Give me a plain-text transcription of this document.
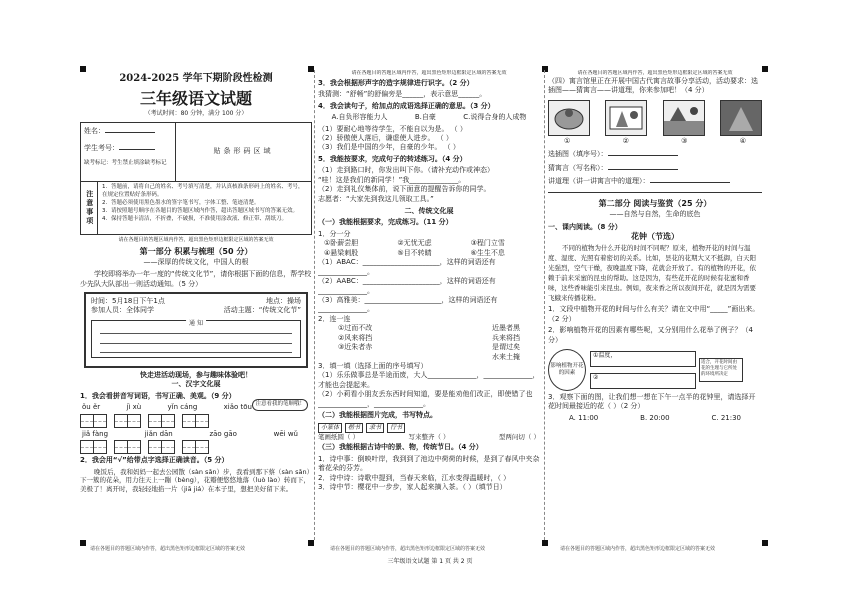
2024-2025 学年下期阶段性检测
三年级语文试题
（考试时间：80 分钟，满分 100 分）
姓名：
学生考号：
缺考标记：考生禁止填涂缺考标记
贴条形码区域
注意事项
1．答题前，请将自己的姓名、考号填写清楚，并认真核准条形码上的姓名、考号，在规定位置贴好条形码。
2．答题必须使用黑色墨水的签字笔书写，字体工整、笔迹清楚。
3．请按照题号顺序在各题目的答题区域内作答，超出答题区域书写的答案无效。
4．保持答题卡清洁，不折叠，不破损，不准使用涂改液、修正带、刮纸刀。
请在各题目的答题区域内作答，超出黑色矩形边框限定区域的答案无效
第一部分 积累与梳理（50 分）
——深厚的传统文化，中国人的根

学校即将举办一年一度的“传统文化节”，请你根据下面的信息，帮学校少先队大队部出一则活动通知。（5 分）

时间：5月18日下午1点	地点：操场
参加人员：全体同学	活动主题：“传统文化节”
通 知
快走进活动现场，参与趣味体验吧！
一、汉字文化展
1．我会看拼音写词语，书写正确、美观。（9 分）
注意看我的笔顺哦！
ǒu ěr	jì xù	yǐn cáng	xiǎo tōu
jiǎ fàng	jiǎn dān	zāo gāo	wēi wǔ
2．我会用“√”给带点字选择正确读音。（5 分）

晚饭后，我和妈妈一起去公园散（sàn sǎn）步，我看到那下蔡（sàn sǎn）下一簇的花朵，用力往天上一蹦（bèng），花瓣便悠悠地落（luò lào）转而下，美极了！离开时，我轻轻地掐一片（jiā jiá）在本子里，想把美好留下来。

请在各题目的答题区域内作答，超出黑色矩形边框限定区域的答案无效
3．我会根据形声字的造字规律进行识字。（2 分）

我猜测：“舒畅”的舒偏旁是______，表示意思______。

4．我会读句子，给加点的成语选择正确的意思。（3 分）
A.自负形容能力人	B.自豪	C.说得合身的人成物

（1）要耐心地等待学生，不能自以为是。 （ ）

（2）骄傲使人落后，谦虚使人进步。 （ ）

（3）我们是中国的少年，自豪的少年。 （ ）

5．我能按要求，完成句子的转述练习。（4 分）

（1）走到路口时，你发出叫下你。（请补充动作或神态）

“哇！这是我们的新同学！”我______________。

（2）走到礼仪集体前，说下面意的提醒告诉你的同学。

志愿者：“大家先到我这儿领取工具。”

二、传统文化展
（一）我能根据要求，完成练习。（11 分）
1．分一分
①卧薪尝胆	②无忧无虑	③程门立雪
④悬梁刺股	⑤目不转睛	⑥生生不息

（1）ABAC：______________________，这样的词语还有______________。

（2）AABC：______________________，这样的词语还有______________。

（3）高雅美：______________________，这样的词语还有______________。

2．连一连
①过而不改
②风来将挡
③近朱者赤
近墨者黑
兵来将挡
是谓过矣
水来土掩
3．填一填（选择上面的序号填写）

（1）乐乐做事总是半途而废，大人______________，______________，才能也会提起来。

（2）小莉看小朋友丢东西时间知道，要是能劝他们改正，即使错了也______________，______________。

（二）我能根据图片完成，书写特点。
小篆体	楷书	隶书	行书
笔画纸圆（ ）	写来整齐（ ）	型两问切（ ）
（三）我能根据古诗中的景、物，传统节日。（4 分）

1．诗中事：倒映叶岸，我到到了池边中荷荷的时候，是到了春风中夹杂着花朵的芬芳。

2．诗中诗：诗歌中提到，当春天来临，江水变得温暖时，（ ）

3．诗中节：樱花中一步步，家人起来摘入茶。（ ）（填节日）

请在各题目的答题区域内作答，超出黑色矩形边框限定区域的答案无效

（四）寓言馆里正在开展中国古代寓言故事分享活动，活动要求：选插图——猜寓言——讲道理，你来参加吧！（4 分）

①	②	③	④
选插图（填序号）：
猜寓言（写名称）：
讲道理（讲一讲寓言中的道理）：
第二部分 阅读与鉴赏（25 分）
——自然与自然，生命的底色
一、课内阅读。（8 分）
花钟（节选）

不同的植物为什么开花的时间不同呢？原来，植物开花的时间与温度、湿度、光照有着密切的关系。比如，昙花的花期大又不抵御，白天阳光强烈，空气干燥，夜晚温度下降，花就会开放了。有的植物的开花，依赖于前来采蜜的昆虫的帮助。这是因为，有些花开花的时候有花蜜和香味，这些香味能引来昆虫。例如，夜来香之所以夜间开花，就是因为需要飞蛾来传播花粉。

1．文段中植物开花的时间与什么有关？请在文中用“_____”画出来。（2 分）
2．影响植物开花的因素有哪些呢，又分别用什么花举了例子？（4 分）
影响植物开花的因素
①温度，
②
适合，开花时间由花的生理与它所处的环境所决定
3．观察下面的图，让我们想一想在下午一点半的花钟里，请选择开花时间最接近的花（ ）（2 分）
A. 11:00	B. 20:00	C. 21:30
请在各题目的答题区域内作答，超出黑色矩形边框限定区域的答案无效	请在各题目的答题区域内作答，超出黑色矩形边框限定区域的答案无效	请在各题目的答题区域内作答，超出黑色矩形边框限定区域的答案无效
三年级语文试题 第 1 页 共 2 页
